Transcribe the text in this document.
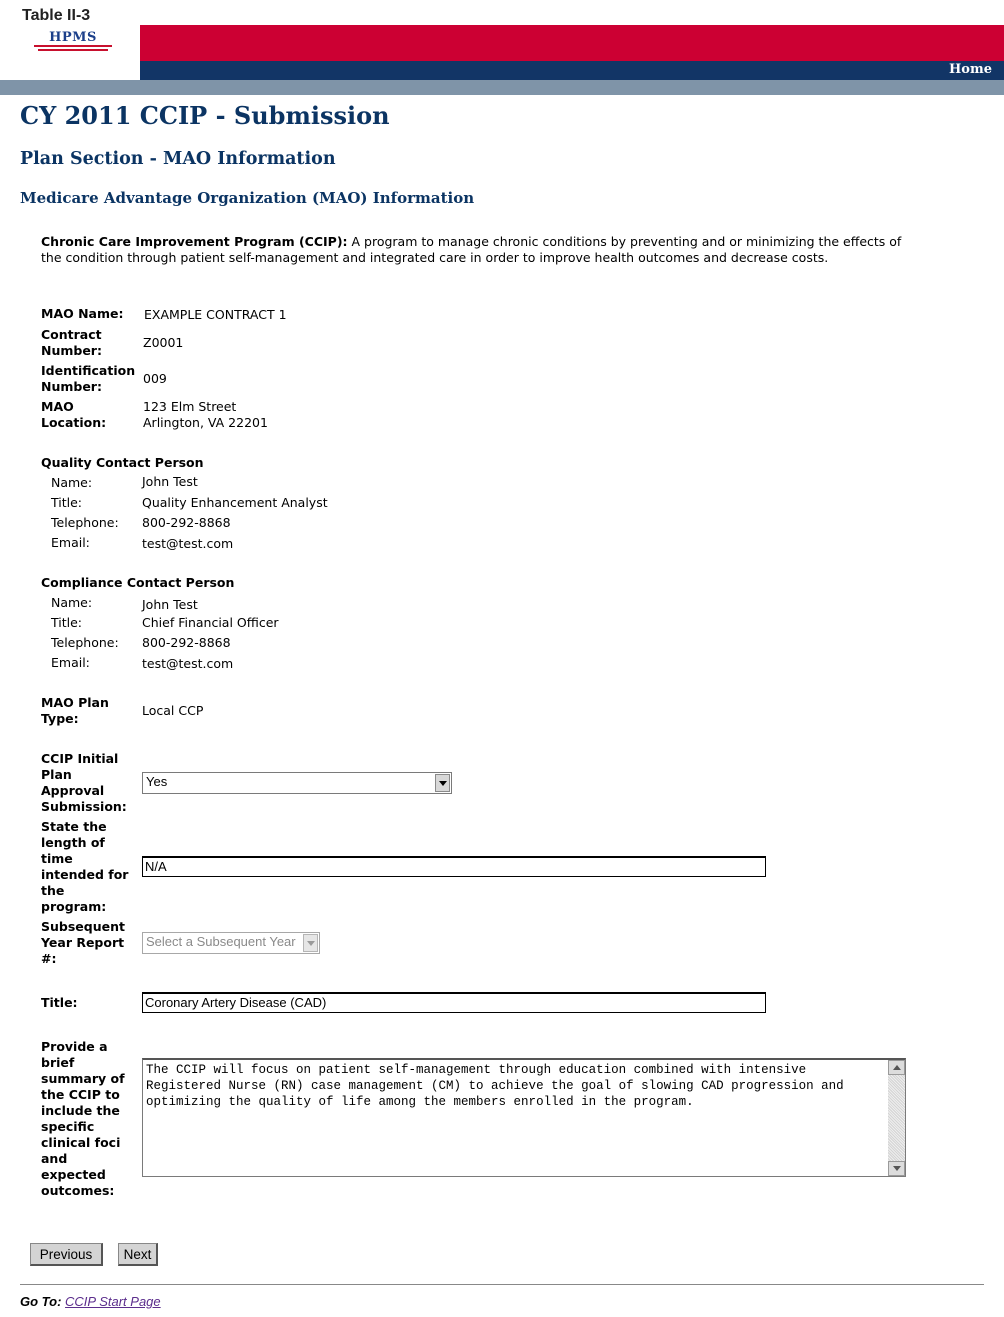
Table II-3
HPMS
Home
CY 2011 CCIP - Submission
Plan Section - MAO Information
Medicare Advantage Organization (MAO) Information
Chronic Care Improvement Program (CCIP): A program to manage chronic conditions by preventing and or minimizing the effects of the condition through patient self-management and integrated care in order to improve health outcomes and decrease costs.
MAO Name: EXAMPLE CONTRACT 1
Contract
Number:
Z0001
Identification
Number:
009
MAO
Location:
123 Elm Street
Arlington, VA 22201
Quality Contact Person
Name:	John Test
Title:	Quality Enhancement Analyst
Telephone: 800-292-8868
Email:	test@test.com
Compliance Contact Person
Name:	John Test
Title:	Chief Financial Officer
Telephone: 800-292-8868
Email:	test@test.com
MAO Plan
Type:
Local CCP
CCIP Initial
Plan
Approval
Submission:
Yes
State the
length of
time
intended for
the
program:
N/A
Subsequent
Year Report
#:
Select a Subsequent Year
Title:	Coronary Artery Disease (CAD)
Provide a
brief
summary of
the CCIP to
include the
specific
clinical foci
and
expected
outcomes:
The CCIP will focus on patient self-management through education combined with intensive Registered Nurse (RN) case management (CM) to achieve the goal of slowing CAD progression and optimizing the quality of life among the members enrolled in the program.
Previous	Next
Go To: CCIP Start Page
